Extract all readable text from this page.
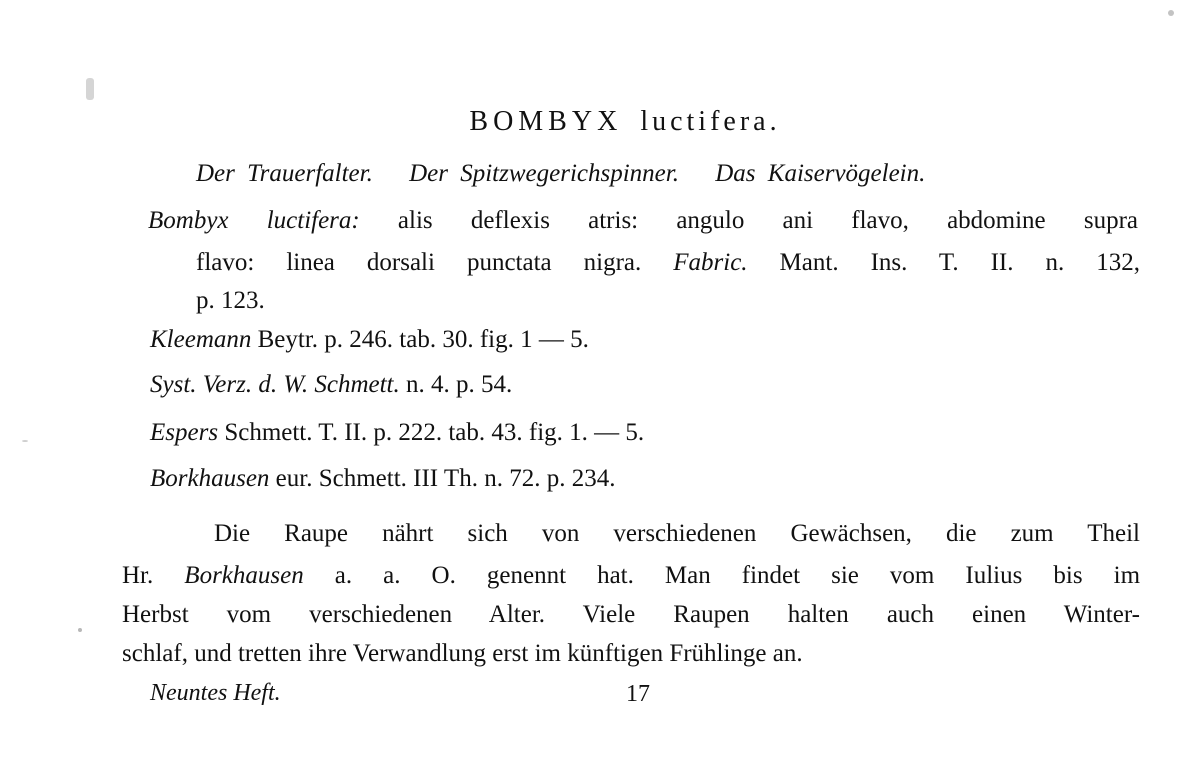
BOMBYX luctifera.
Der Trauerfalter. Der Spitzwegerichspinner. Das Kaiservögelein.
Bombyx luctifera: alis deflexis atris: angulo ani flavo, abdomine supra
flavo: linea dorsali punctata nigra. Fabric. Mant. Ins. T. II. n. 132,
p. 123.
Kleemann Beytr. p. 246. tab. 30. fig. 1 — 5.
Syst. Verz. d. W. Schmett. n. 4. p. 54.
Espers Schmett. T. II. p. 222. tab. 43. fig. 1. — 5.
Borkhausen eur. Schmett. III Th. n. 72. p. 234.
Die Raupe nährt sich von verschiedenen Gewächsen, die zum Theil
Hr. Borkhausen a. a. O. genennt hat. Man findet sie vom Iulius bis im
Herbst vom verschiedenen Alter. Viele Raupen halten auch einen Winter-
schlaf, und tretten ihre Verwandlung erst im künftigen Frühlinge an.
Neuntes Heft.	17
